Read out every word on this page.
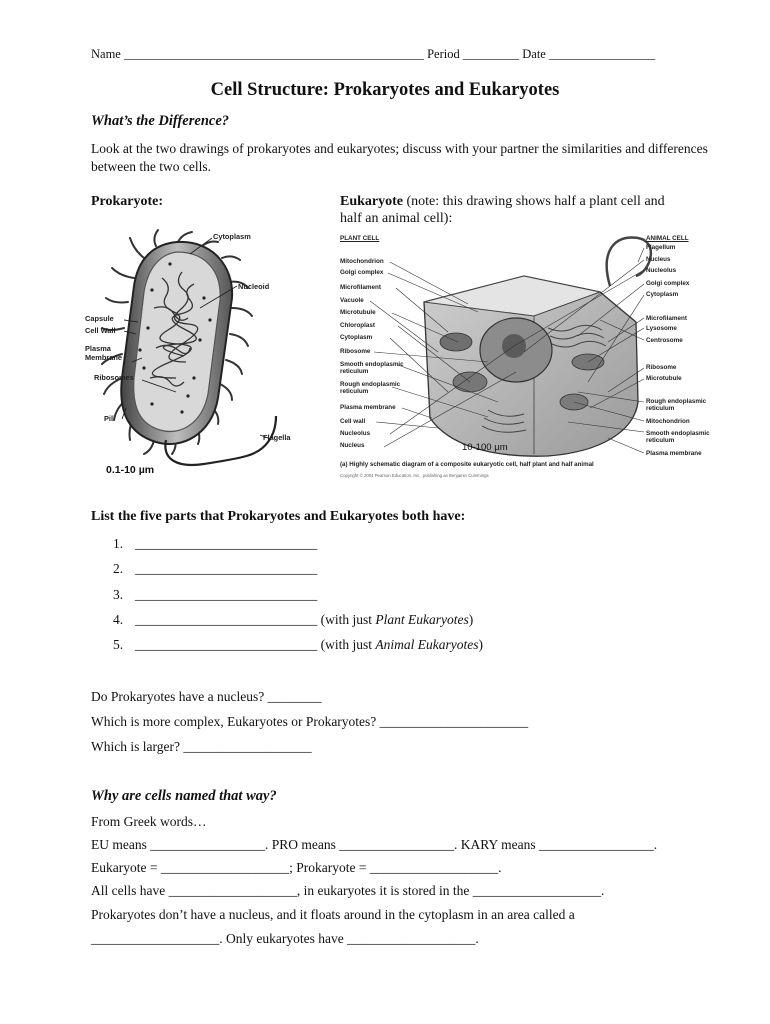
Name ________________________________________________ Period _________ Date _________________
Cell Structure: Prokaryotes and Eukaryotes
What’s the Difference?
Look at the two drawings of prokaryotes and eukaryotes; discuss with your partner the similarities and differences between the two cells.
Prokaryote:	Eukaryote (note: this drawing shows half a plant cell and
half an animal cell):
Cytoplasm
Nucleoid
Capsule
Cell Wall
Plasma
Membrane
Ribosomes
Pili
Flagella
0.1-10 µm
PLANT CELL	ANIMAL CELL
Mitochondrion
Golgi complex
Microfilament
Vacuole
Microtubule
Chloroplast
Cytoplasm
Ribosome
Smooth endoplasmic
reticulum
Rough endoplasmic
reticulum
Plasma membrane
Cell wall
Nucleolus
Nucleus
Flagellum
Nucleus
Nucleolus
Golgi complex
Cytoplasm
Microfilament
Lysosome
Centrosome
Ribosome
Microtubule
Rough endoplasmic
reticulum
Mitochondrion
Smooth endoplasmic
reticulum
Plasma membrane
10-100 µm
(a) Highly schematic diagram of a composite eukaryotic cell, half plant and half animal
Copyright © 2004 Pearson Education, Inc., publishing as Benjamin Cummings
List the five parts that Prokaryotes and Eukaryotes both have:
1. ___________________________
2. ___________________________
3. ___________________________
4. ___________________________ (with just Plant Eukaryotes)
5. ___________________________ (with just Animal Eukaryotes)
Do Prokaryotes have a nucleus? ________
Which is more complex, Eukaryotes or Prokaryotes? ______________________
Which is larger? ___________________
Why are cells named that way?
From Greek words…
EU means _________________. PRO means _________________. KARY means _________________.
Eukaryote = ___________________; Prokaryote = ___________________.
All cells have ___________________, in eukaryotes it is stored in the ___________________.
Prokaryotes don’t have a nucleus, and it floats around in the cytoplasm in an area called a
___________________. Only eukaryotes have ___________________.
